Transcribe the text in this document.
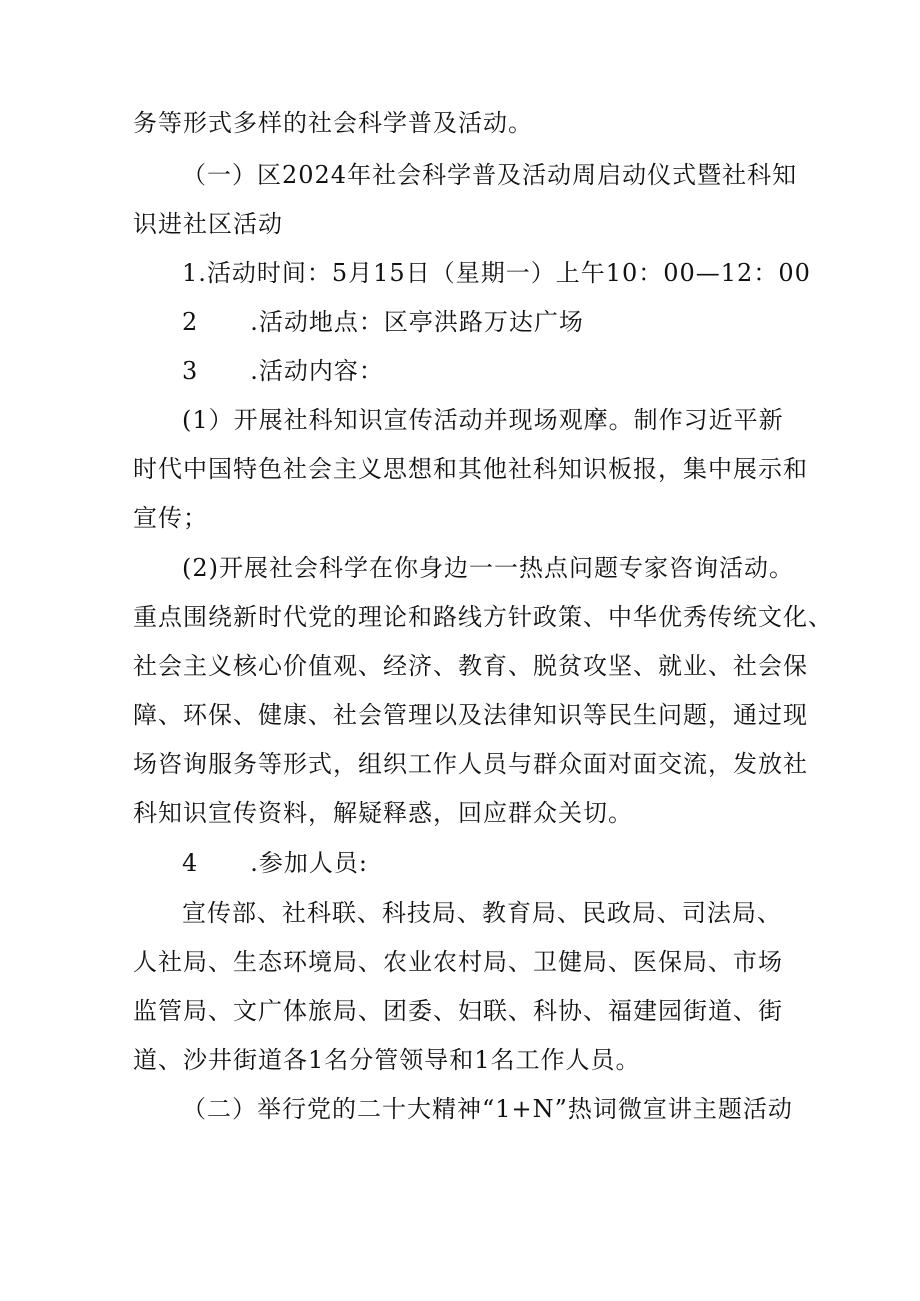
务等形式多样的社会科学普及活动。
（一）区2024年社会科学普及活动周启动仪式暨社科知
识进社区活动
1.活动时间：5月15日（星期一）上午10：00—12：00
2 .活动地点：区亭洪路万达广场
3 .活动内容：
(1）开展社科知识宣传活动并现场观摩。制作习近平新
时代中国特色社会主义思想和其他社科知识板报，集中展示和
宣传；
(2)开展社会科学在你身边一一热点问题专家咨询活动。
重点围绕新时代党的理论和路线方针政策、中华优秀传统文化、
社会主义核心价值观、经济、教育、脱贫攻坚、就业、社会保
障、环保、健康、社会管理以及法律知识等民生问题，通过现
场咨询服务等形式，组织工作人员与群众面对面交流，发放社
科知识宣传资料，解疑释惑，回应群众关切。
4 .参加人员:
宣传部、社科联、科技局、教育局、民政局、司法局、
人社局、生态环境局、农业农村局、卫健局、医保局、市场
监管局、文广体旅局、团委、妇联、科协、福建园街道、街
道、沙井街道各1名分管领导和1名工作人员。
（二）举行党的二十大精神“1+N”热词微宣讲主题活动
